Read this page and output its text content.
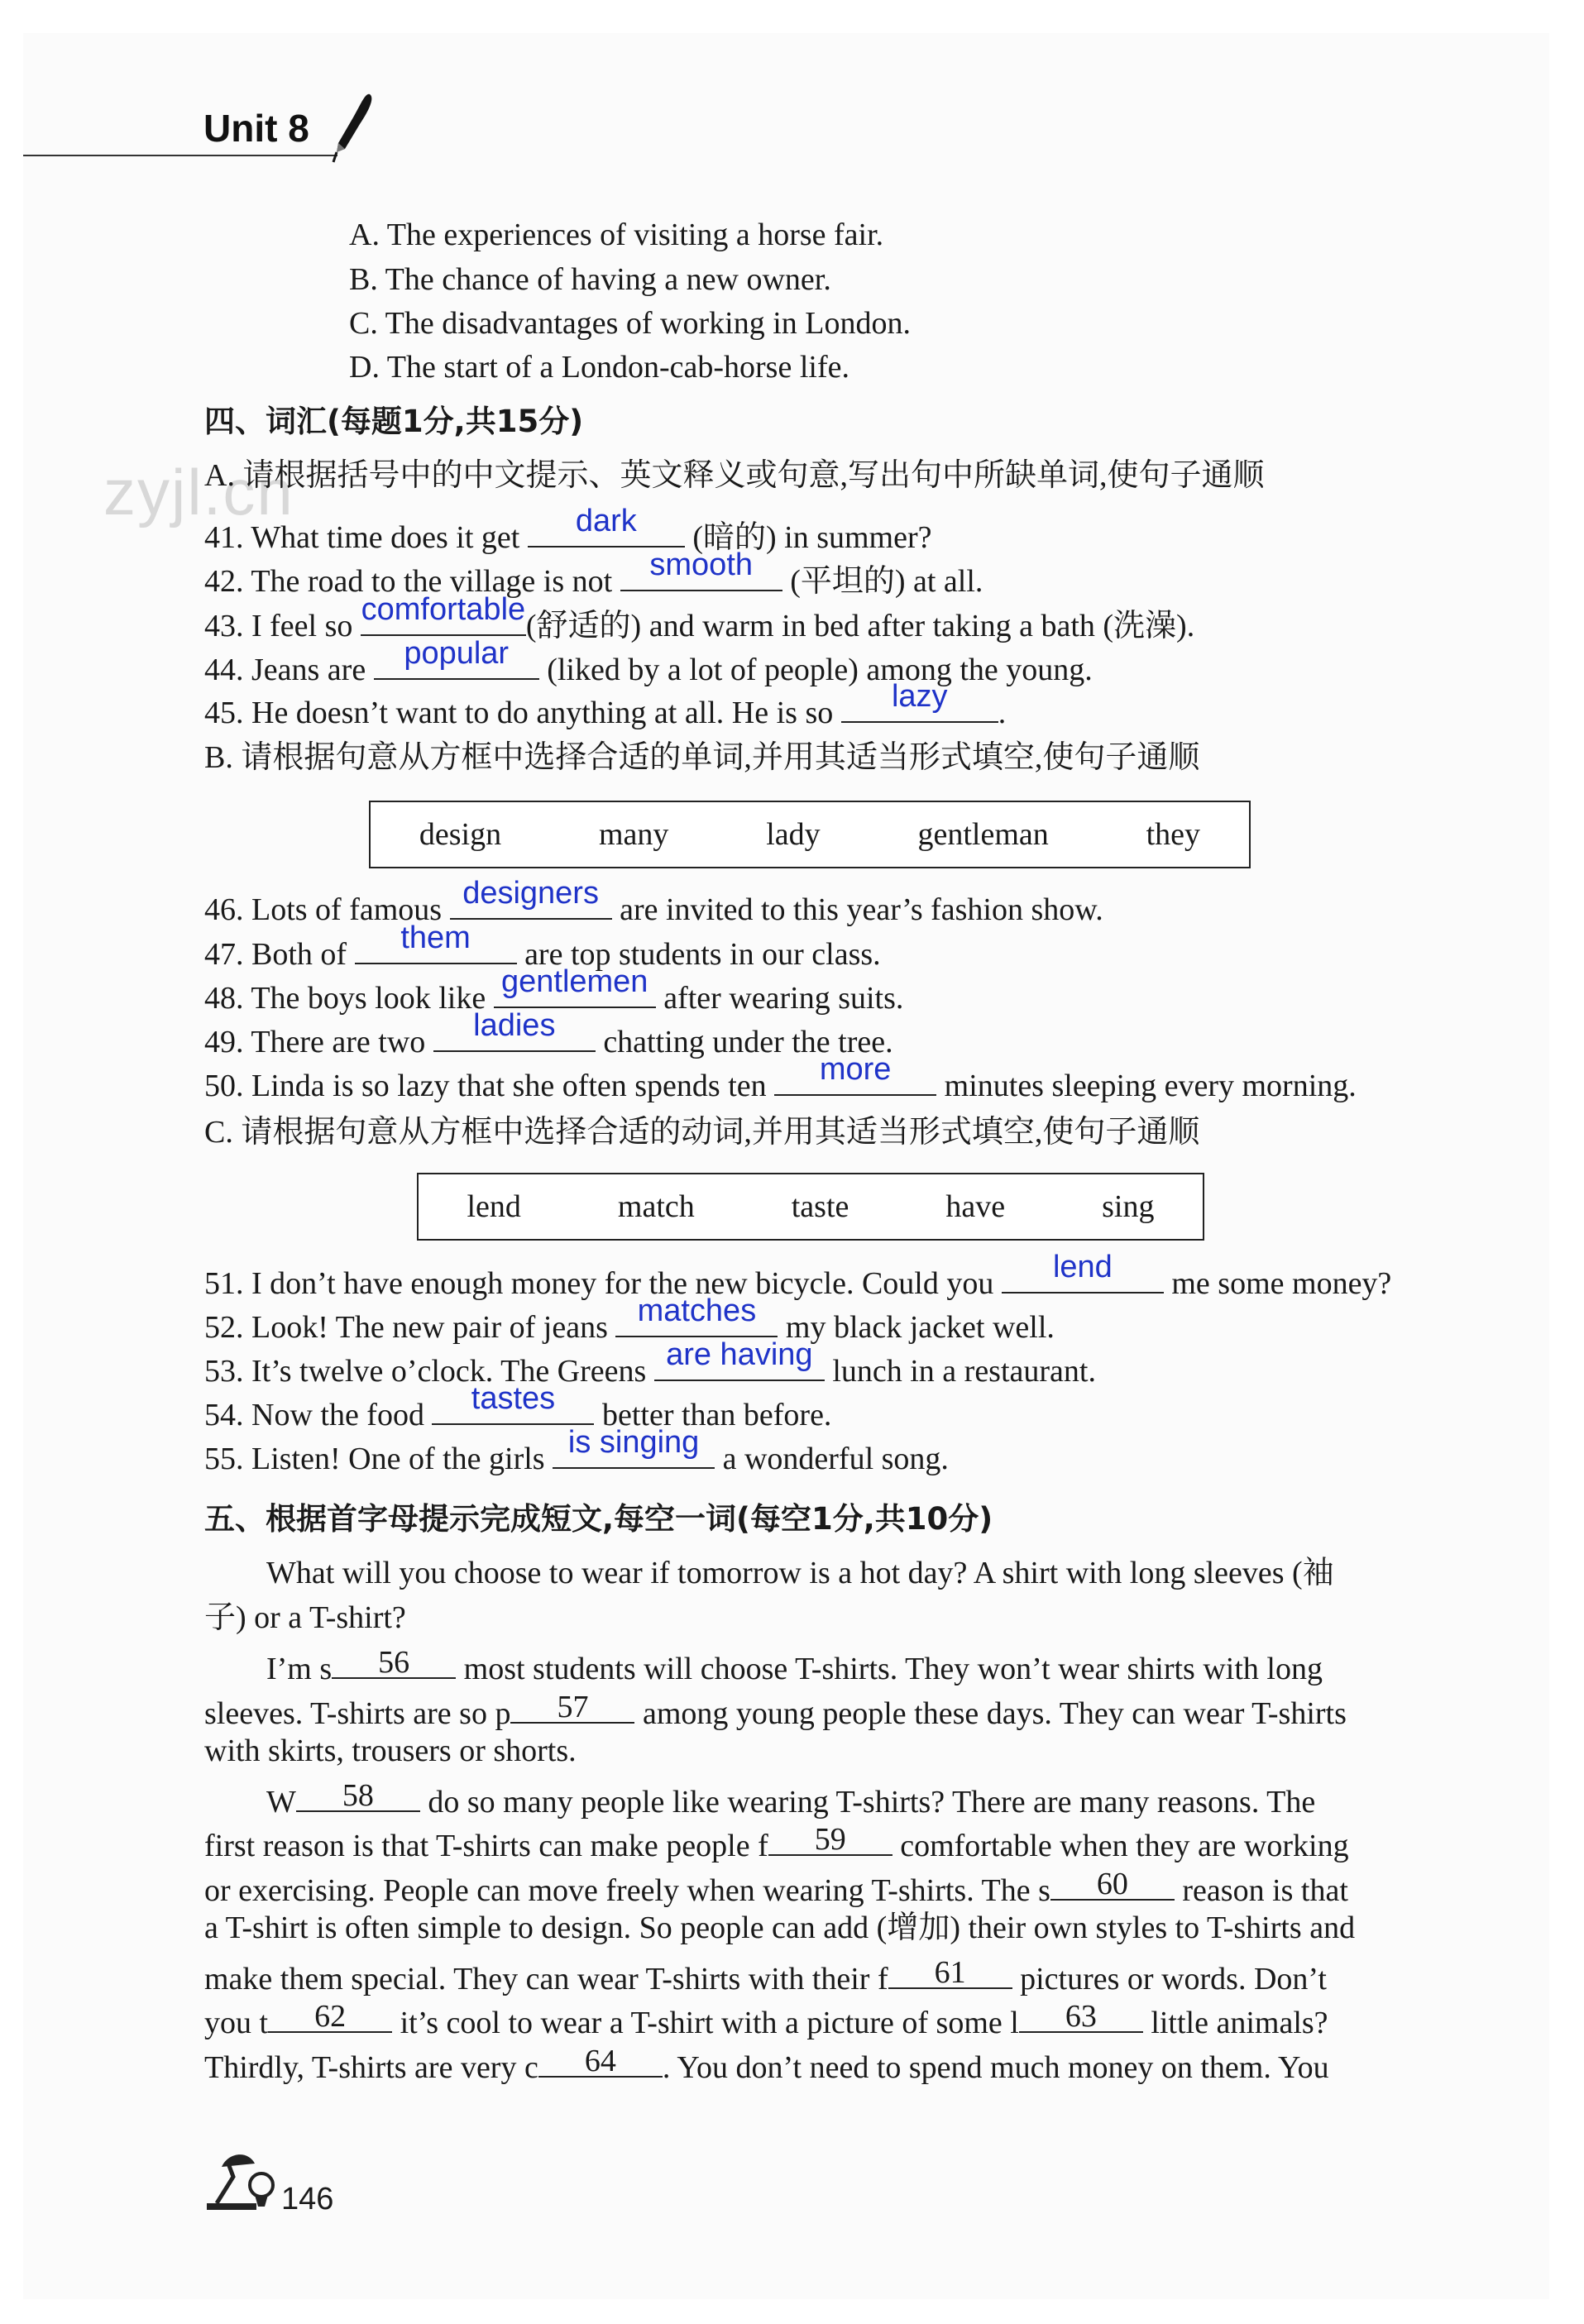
Unit 8
zyjl.cn
A. The experiences of visiting a horse fair.
B. The chance of having a new owner.
C. The disadvantages of working in London.
D. The start of a London-cab-horse life.
四、词汇(每题1分,共15分)
A. 请根据括号中的中文提示、英文释义或句意,写出句中所缺单词,使句子通顺
41. What time does it get	dark	(暗的) in summer?
42. The road to the village is not smooth (平坦的) at all.
43. I feel so comfortable (舒适的) and warm in bed after taking a bath (洗澡).
44. Jeans are popular (liked by a lot of people) among the young.
45. He doesn’t want to do anything at all. He is so	lazy	.
B. 请根据句意从方框中选择合适的单词,并用其适当形式填空,使句子通顺
design	many	lady	gentleman	they
46. Lots of famous designers are invited to this year’s fashion show.
47. Both of	them	are top students in our class.
48. The boys look like gentlemen after wearing suits.
49. There are two	ladies	chatting under the tree.
50. Linda is so lazy that she often spends ten	more	minutes sleeping every morning.
C. 请根据句意从方框中选择合适的动词,并用其适当形式填空,使句子通顺
lend	match	taste	have	sing
51. I don’t have enough money for the new bicycle. Could you	lend	me some money?
52. Look! The new pair of jeans matches my black jacket well.
53. It’s twelve o’clock. The Greens are having lunch in a restaurant.
54. Now the food	tastes	better than before.
55. Listen! One of the girls is singing a wonderful song.
五、根据首字母提示完成短文,每空一词(每空1分,共10分)
What will you choose to wear if tomorrow is a hot day? A shirt with long sleeves (袖
子) or a T-shirt?
I’m s	56	most students will choose T-shirts. They won’t wear shirts with long
sleeves. T-shirts are so p	57	among young people these days. They can wear T-shirts
with skirts, trousers or shorts.
W	58	do so many people like wearing T-shirts? There are many reasons. The
first reason is that T-shirts can make people f	59	comfortable when they are working
or exercising. People can move freely when wearing T-shirts. The s	60	reason is that
a T-shirt is often simple to design. So people can add (增加) their own styles to T-shirts and
make them special. They can wear T-shirts with their f	61	pictures or words. Don’t
you t	62	it’s cool to wear a T-shirt with a picture of some l	63	little animals?
Thirdly, T-shirts are very c	64	. You don’t need to spend much money on them. You
146
